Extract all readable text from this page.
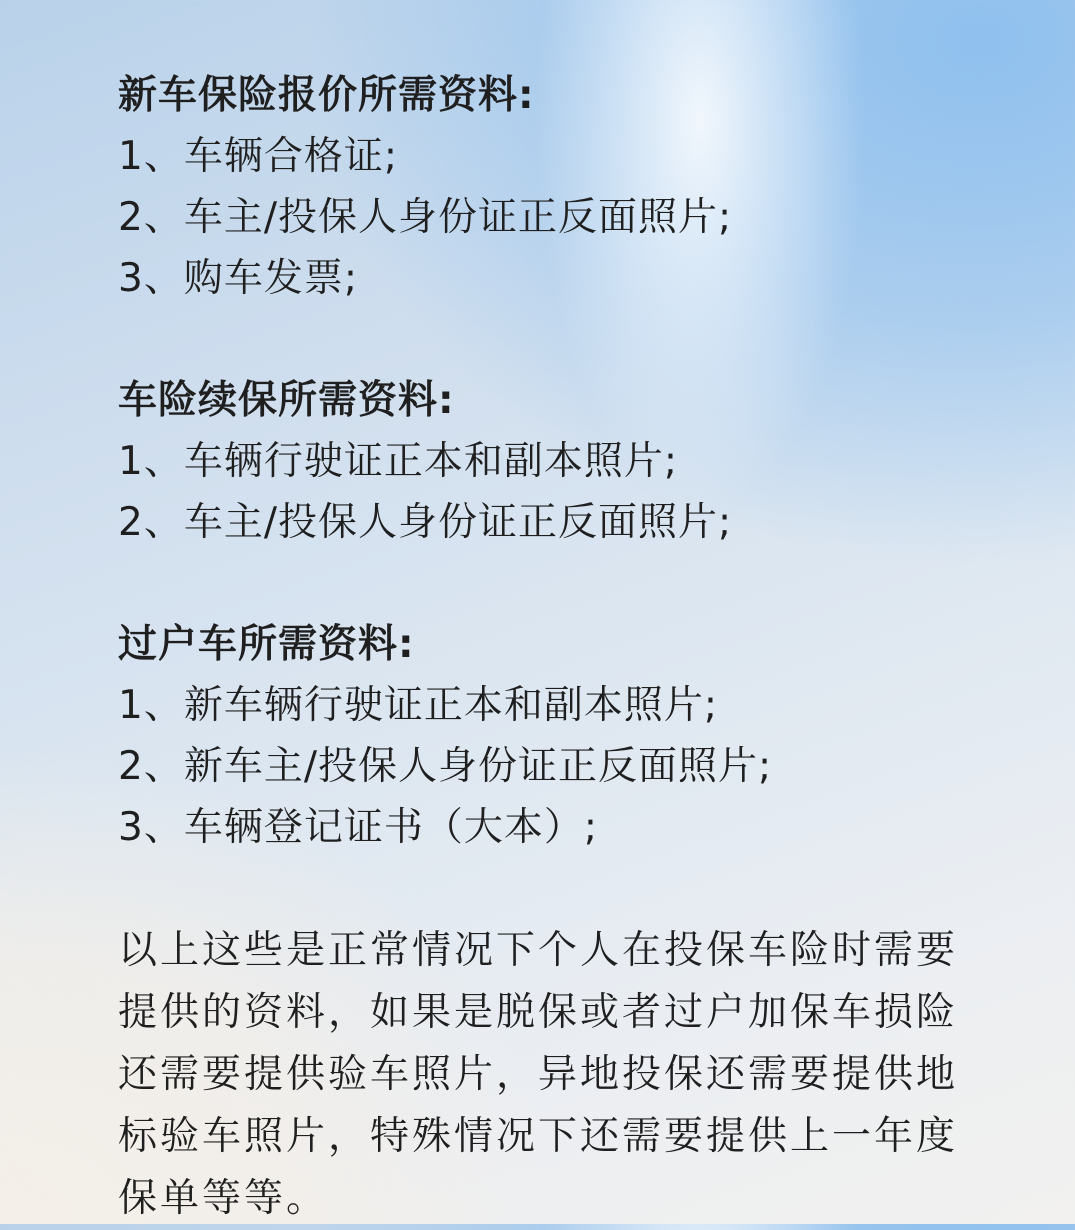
新车保险报价所需资料:
1、车辆合格证;
2、车主/投保人身份证正反面照片;
3、购车发票;
车险续保所需资料:
1、车辆行驶证正本和副本照片;
2、车主/投保人身份证正反面照片;
过户车所需资料:
1、新车辆行驶证正本和副本照片;
2、新车主/投保人身份证正反面照片;
3、车辆登记证书（大本）;
以上这些是正常情况下个人在投保车险时需要
提供的资料，如果是脱保或者过户加保车损险
还需要提供验车照片，异地投保还需要提供地
标验车照片，特殊情况下还需要提供上一年度
保单等等。
